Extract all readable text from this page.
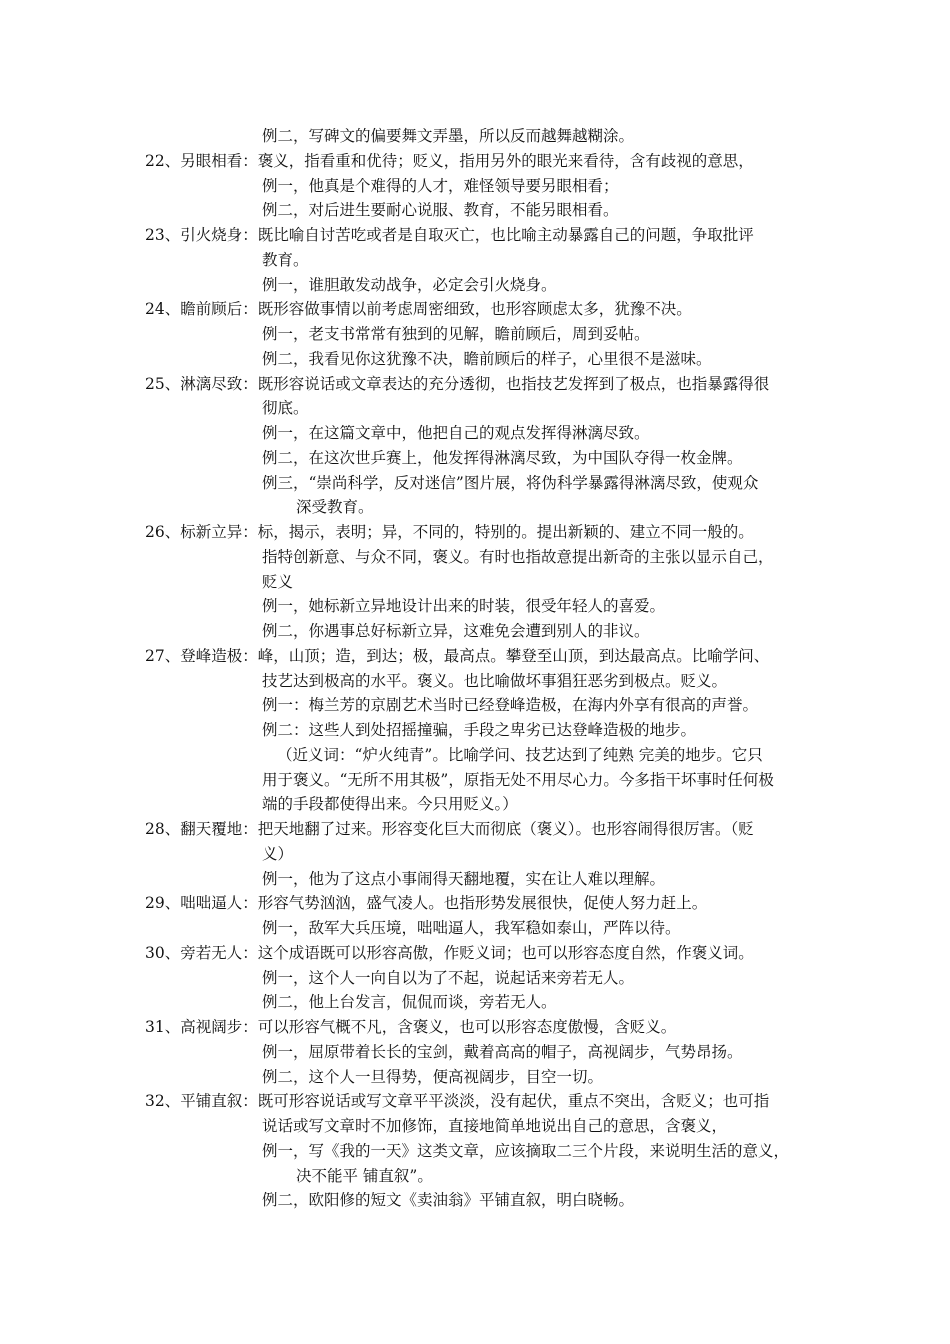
例二，写碑文的偏要舞文弄墨，所以反而越舞越糊涂。
22、另眼相看：褒义，指看重和优待；贬义，指用另外的眼光来看待，含有歧视的意思，
例一，他真是个难得的人才，难怪领导要另眼相看；
例二，对后进生要耐心说服、教育，不能另眼相看。
23、引火烧身：既比喻自讨苦吃或者是自取灭亡，也比喻主动暴露自己的问题，争取批评
教育。
例一，谁胆敢发动战争，必定会引火烧身。
24、瞻前顾后：既形容做事情以前考虑周密细致，也形容顾虑太多，犹豫不决。
例一，老支书常常有独到的见解，瞻前顾后，周到妥帖。
例二，我看见你这犹豫不决，瞻前顾后的样子，心里很不是滋味。
25、淋漓尽致：既形容说话或文章表达的充分透彻，也指技艺发挥到了极点，也指暴露得很
彻底。
例一，在这篇文章中，他把自己的观点发挥得淋漓尽致。
例二，在这次世乒赛上，他发挥得淋漓尽致，为中国队夺得一枚金牌。
例三，“崇尚科学，反对迷信”图片展，将伪科学暴露得淋漓尽致，使观众
深受教育。
26、标新立异：标，揭示，表明；异，不同的，特别的。提出新颖的、建立不同一般的。
指特创新意、与众不同，褒义。有时也指故意提出新奇的主张以显示自己，
贬义
例一，她标新立异地设计出来的时装，很受年轻人的喜爱。
例二，你遇事总好标新立异，这难免会遭到别人的非议。
27、登峰造极：峰，山顶；造，到达；极，最高点。攀登至山顶，到达最高点。比喻学问、
技艺达到极高的水平。褒义。也比喻做坏事猖狂恶劣到极点。贬义。
例一：梅兰芳的京剧艺术当时已经登峰造极，在海内外享有很高的声誉。
例二：这些人到处招摇撞骗，手段之卑劣已达登峰造极的地步。
（近义词：“炉火纯青”。比喻学问、技艺达到了纯熟 完美的地步。它只
用于褒义。“无所不用其极”，原指无处不用尽心力。今多指干坏事时任何极
端的手段都使得出来。今只用贬义。）
28、翻天覆地：把天地翻了过来。形容变化巨大而彻底（褒义）。也形容闹得很厉害。（贬
义）
例一，他为了这点小事闹得天翻地覆，实在让人难以理解。
29、咄咄逼人：形容气势汹汹，盛气凌人。也指形势发展很快，促使人努力赶上。
例一，敌军大兵压境，咄咄逼人，我军稳如泰山，严阵以待。
30、旁若无人：这个成语既可以形容高傲，作贬义词；也可以形容态度自然，作褒义词。
例一，这个人一向自以为了不起，说起话来旁若无人。
例二，他上台发言，侃侃而谈，旁若无人。
31、高视阔步：可以形容气概不凡，含褒义，也可以形容态度傲慢，含贬义。
例一，屈原带着长长的宝剑，戴着高高的帽子，高视阔步，气势昂扬。
例二，这个人一旦得势，便高视阔步，目空一切。
32、平铺直叙：既可形容说话或写文章平平淡淡，没有起伏，重点不突出，含贬义；也可指
说话或写文章时不加修饰，直接地简单地说出自己的意思，含褒义，
例一，写《我的一天》这类文章，应该摘取二三个片段，来说明生活的意义，
决不能平 铺直叙”。
例二，欧阳修的短文《卖油翁》平铺直叙，明白晓畅。
